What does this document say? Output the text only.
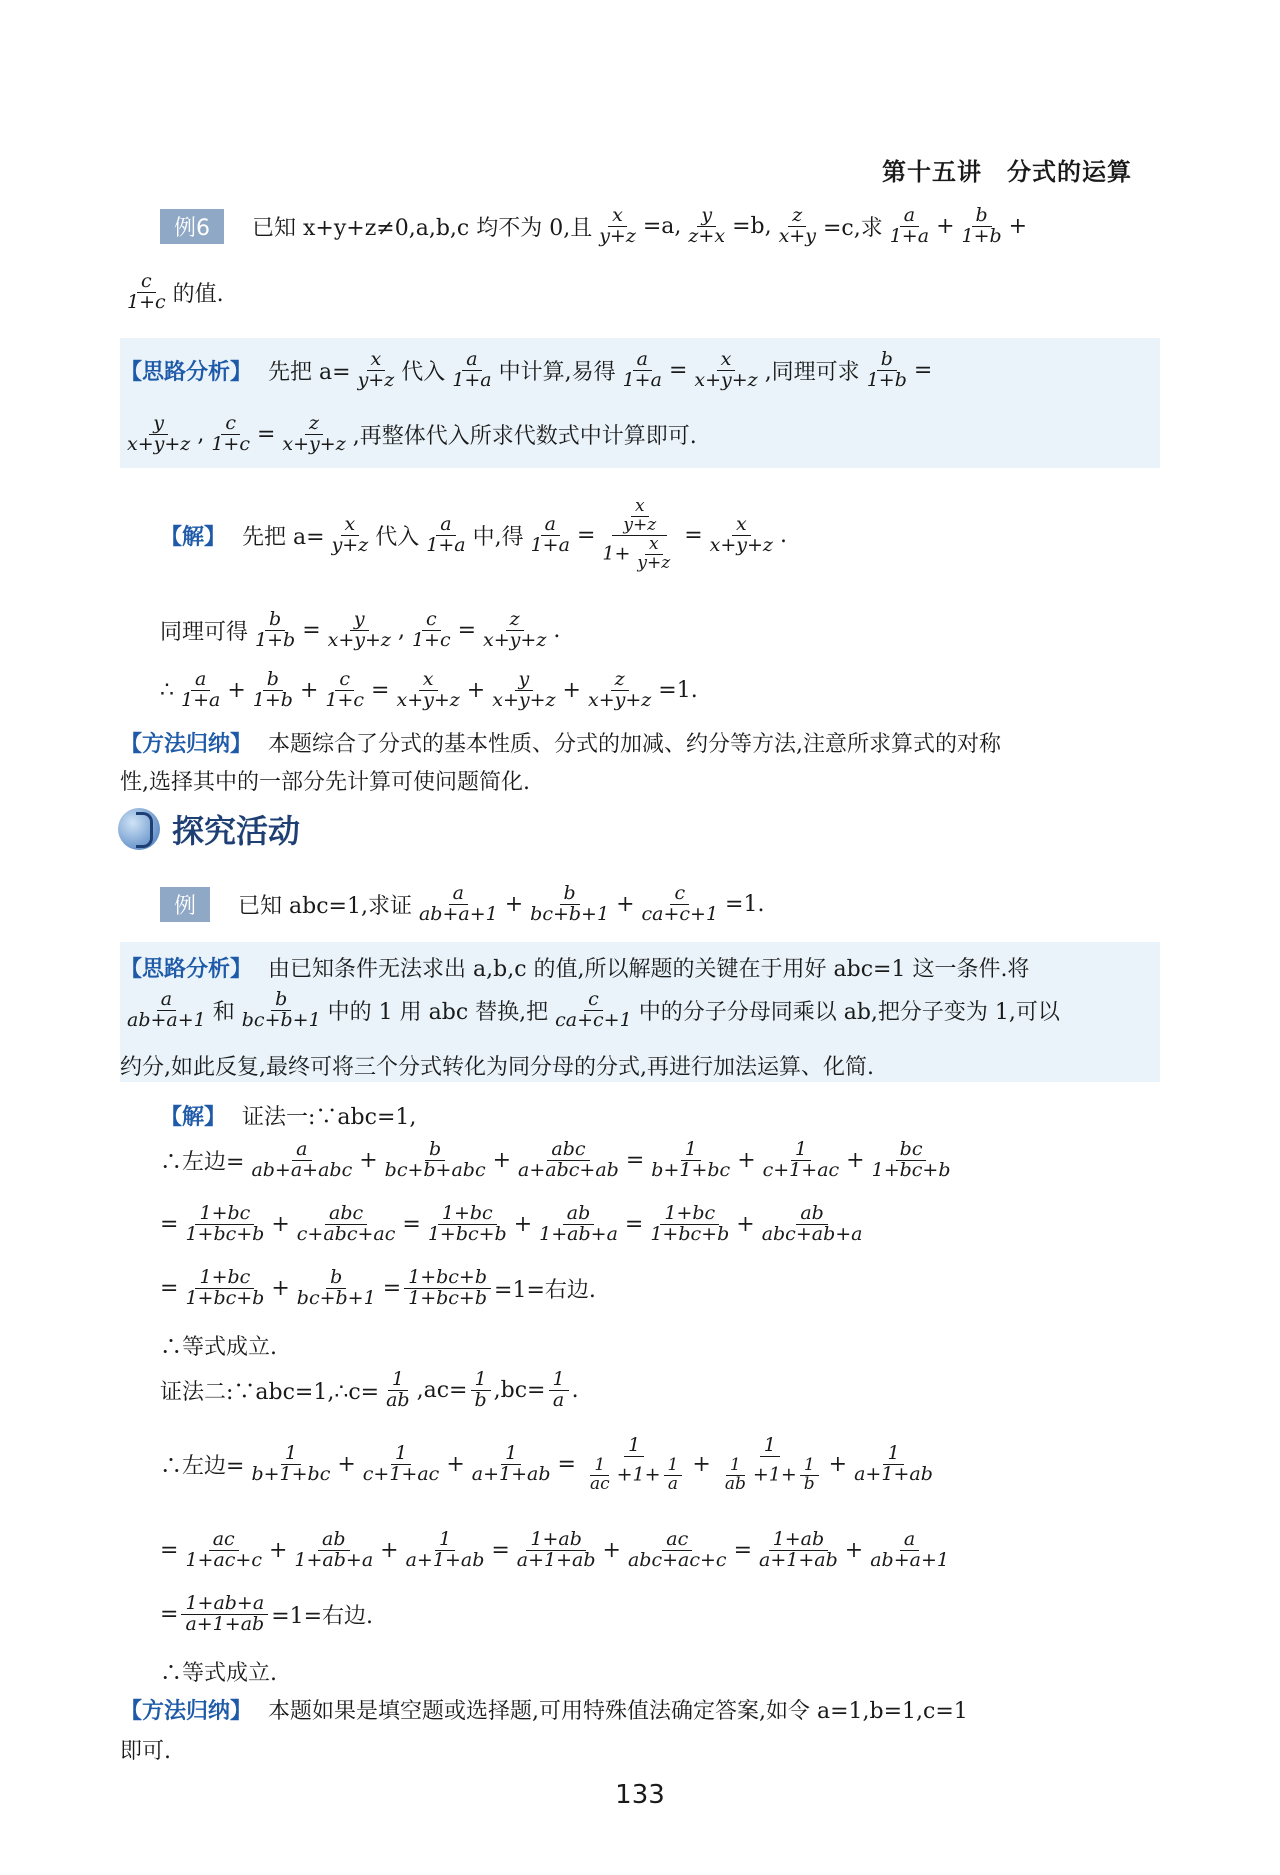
第十五讲　分式的运算
例6	已知 x+y+z≠0,a,b,c 均不为 0,且 $\frac{x}{y+z} =a$, $\frac{y}{z+x} =b$, $\frac{z}{x+y} =c$,求 $\frac{a}{1+a} + \frac{b}{1+b}$ +
$\frac{c}{1+c}$ 的值.
【思路分析】 先把 $a= \frac{x}{y+z}$ 代入 $\frac{a}{1+a}$ 中计算,易得 $\frac{a}{1+a} = \frac{x}{x+y+z}$ ,同理可求 $\frac{b}{1+b}$ =
$\frac{y}{x+y+z}$ , $\frac{c}{1+c} = \frac{z}{x+y+z}$ ,再整体代入所求代数式中计算即可.
【解】 先把 $a= \frac{x}{y+z}$ 代入 $\frac{a}{1+a}$ 中,得 $\frac{a}{1+a} = \frac{\frac{x}{y+z}}{1+ \frac{x}{y+z}} = \frac{x}{x+y+z}$ .
同理可得 $\frac{b}{1+b} = \frac{y}{x+y+z}$ , $\frac{c}{1+c} = \frac{z}{x+y+z}$ .
∴ $\frac{a}{1+a} + \frac{b}{1+b} + \frac{c}{1+c} = \frac{x}{x+y+z} + \frac{y}{x+y+z} + \frac{z}{x+y+z} =1$.
【方法归纳】 本题综合了分式的基本性质、分式的加减、约分等方法,注意所求算式的对称
性,选择其中的一部分先计算可使问题简化.
探究活动
例	已知 abc=1,求证 $\frac{a}{ab+a+1} + \frac{b}{bc+b+1} + \frac{c}{ca+c+1} =1$.
【思路分析】 由已知条件无法求出 a,b,c 的值,所以解题的关键在于用好 abc=1 这一条件.将
$\frac{a}{ab+a+1}$ 和 $\frac{b}{bc+b+1}$ 中的 1 用 abc 替换,把 $\frac{c}{ca+c+1}$ 中的分子分母同乘以 ab,把分子变为 1,可以
约分,如此反复,最终可将三个分式转化为同分母的分式,再进行加法运算、化简.
【解】 证法一:∵abc=1,
∴左边= $\frac{a}{\text{ab+a+abc}} + \frac{b}{\text{bc+b+abc}} + \frac{\text{abc}}{\text{a+abc+ab}} = \frac{1}{b+1+bc} + \frac{1}{c+1+ac} + \frac{bc}{1+bc+b}$
= $\frac{1+bc}{1+bc+b} + \frac{\text{abc}}{\text{c+abc+ac}} = \frac{1+bc}{1+bc+b} + \frac{ab}{1+ab+a} = \frac{1+bc}{1+bc+b} + \frac{ab}{\text{abc+ab+a}}$
= $\frac{1+bc}{1+bc+b} + \frac{b}{bc+b+1} = \frac{1+bc+b}{1+bc+b} =1=$右边.
∴等式成立.
证法二:∵abc=1,∴c= $\frac{1}{ab} ,ac= \frac{1}{b} ,bc= \frac{1}{a}$ .
∴左边= $\frac{1}{b+1+bc} + \frac{1}{c+1+ac} + \frac{1}{a+1+ab} = \frac{1}{\frac{1}{ac} +1+ \frac{1}{a}} + \frac{1}{\frac{1}{ab} +1+ \frac{1}{b}} + \frac{1}{a+1+ab}$
= $\frac{ac}{1+ac+c} + \frac{ab}{1+ab+a} + \frac{1}{a+1+ab} = \frac{1+ab}{a+1+ab} + \frac{ac}{\text{abc+ac+c}} = \frac{1+ab}{a+1+ab} + \frac{a}{ab+a+1}$
= $\frac{1+ab+a}{a+1+ab} =1=$右边.
∴等式成立.
【方法归纳】 本题如果是填空题或选择题,可用特殊值法确定答案,如令 a=1,b=1,c=1
即可.
133
